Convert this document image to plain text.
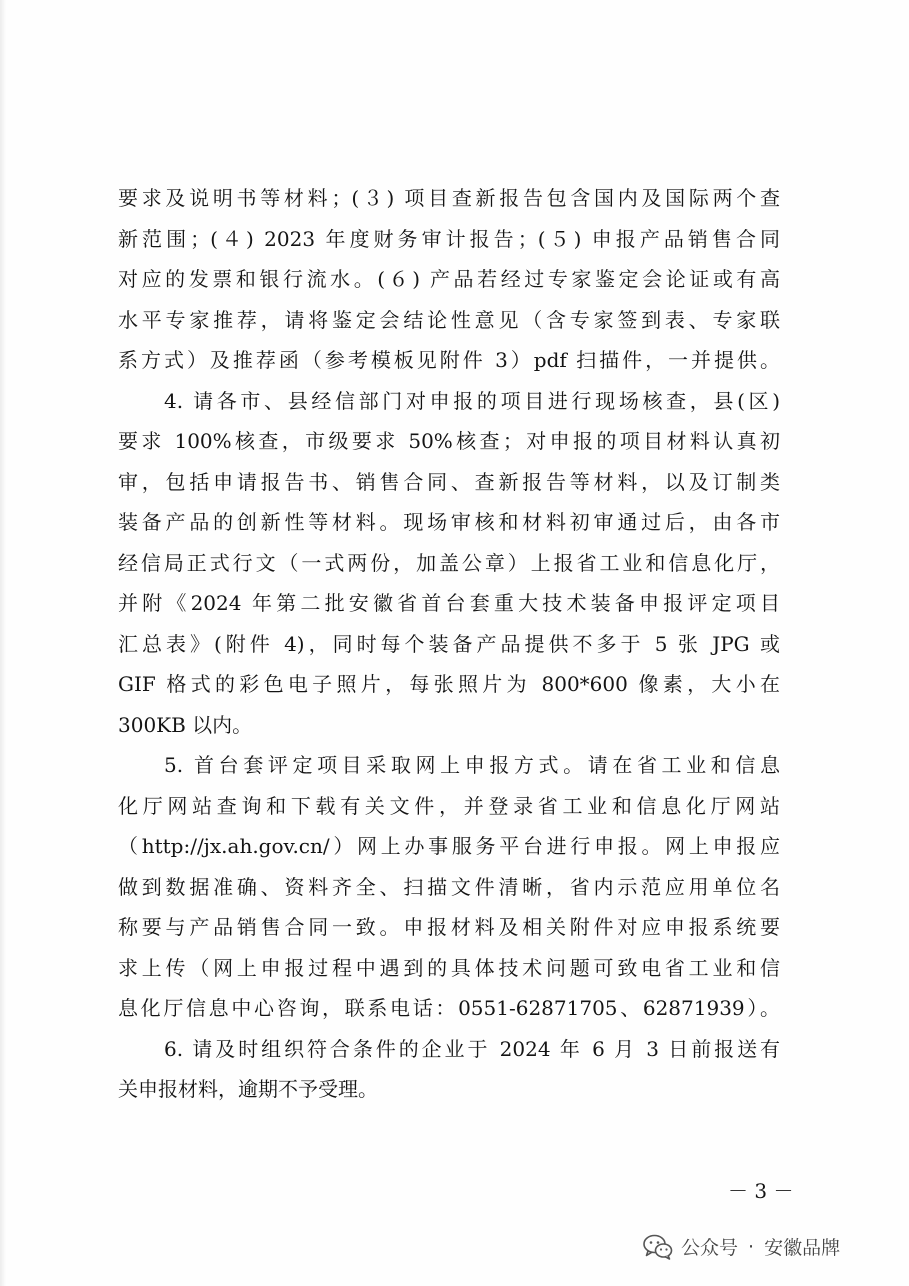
要求及说明书等材料；(３) 项目查新报告包含国内及国际两个查
新范围；(４) 2023 年度财务审计报告；(５) 申报产品销售合同
对应的发票和银行流水。(６) 产品若经过专家鉴定会论证或有高
水平专家推荐，请将鉴定会结论性意见（含专家签到表、专家联
系方式）及推荐函（参考模板见附件 3）pdf 扫描件，一并提供。
4. 请各市、县经信部门对申报的项目进行现场核查，县(区)
要求 100%核查，市级要求 50%核查；对申报的项目材料认真初
审，包括申请报告书、销售合同、查新报告等材料，以及订制类
装备产品的创新性等材料。现场审核和材料初审通过后，由各市
经信局正式行文（一式两份，加盖公章）上报省工业和信息化厅，
并附《2024 年第二批安徽省首台套重大技术装备申报评定项目
汇总表》(附件 4)，同时每个装备产品提供不多于 5 张 JPG 或
GIF 格式的彩色电子照片，每张照片为 800*600 像素，大小在
300KB 以内。
5. 首台套评定项目采取网上申报方式。请在省工业和信息
化厅网站查询和下载有关文件，并登录省工业和信息化厅网站
（http://jx.ah.gov.cn/）网上办事服务平台进行申报。网上申报应
做到数据准确、资料齐全、扫描文件清晰，省内示范应用单位名
称要与产品销售合同一致。申报材料及相关附件对应申报系统要
求上传（网上申报过程中遇到的具体技术问题可致电省工业和信
息化厅信息中心咨询，联系电话：0551-62871705、62871939）。
6. 请及时组织符合条件的企业于 2024 年 6 月 3 日前报送有
关申报材料，逾期不予受理。
－ 3 －
公众号 · 安徽品牌
